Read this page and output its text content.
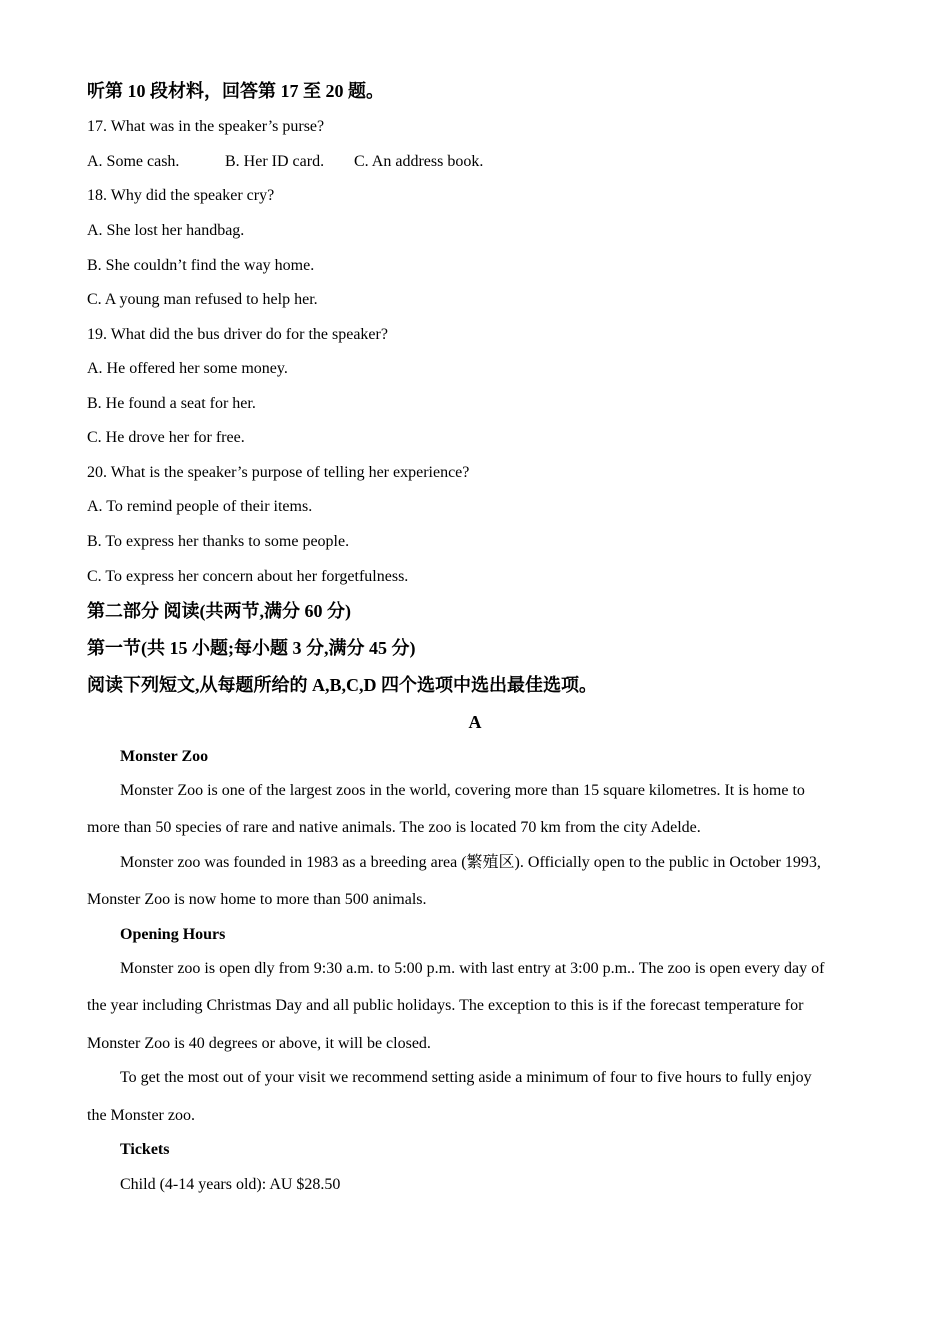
听第 10 段材料，回答第 17 至 20 题。
17. What was in the speaker’s purse?
A. Some cash.	B. Her ID card. C. An address book.
18. Why did the speaker cry?
A. She lost her handbag.
B. She couldn’t find the way home.
C. A young man refused to help her.
19. What did the bus driver do for the speaker?
A. He offered her some money.
B. He found a seat for her.
C. He drove her for free.
20. What is the speaker’s purpose of telling her experience?
A. To remind people of their items.
B. To express her thanks to some people.
C. To express her concern about her forgetfulness.
第二部分 阅读(共两节,满分 60 分)
第一节(共 15 小题;每小题 3 分,满分 45 分)
阅读下列短文,从每题所给的 A,B,C,D 四个选项中选出最佳选项。
A
Monster Zoo
Monster Zoo is one of the largest zoos in the world, covering more than 15 square kilometres. It is home to
more than 50 species of rare and native animals. The zoo is located 70 km from the city Adelde.
Monster zoo was founded in 1983 as a breeding area (繁殖区). Officially open to the public in October 1993,
Monster Zoo is now home to more than 500 animals.
Opening Hours
Monster zoo is open dly from 9:30 a.m. to 5:00 p.m. with last entry at 3:00 p.m.. The zoo is open every day of
the year including Christmas Day and all public holidays. The exception to this is if the forecast temperature for
Monster Zoo is 40 degrees or above, it will be closed.
To get the most out of your visit we recommend setting aside a minimum of four to five hours to fully enjoy
the Monster zoo.
Tickets
Child (4-14 years old): AU $28.50
